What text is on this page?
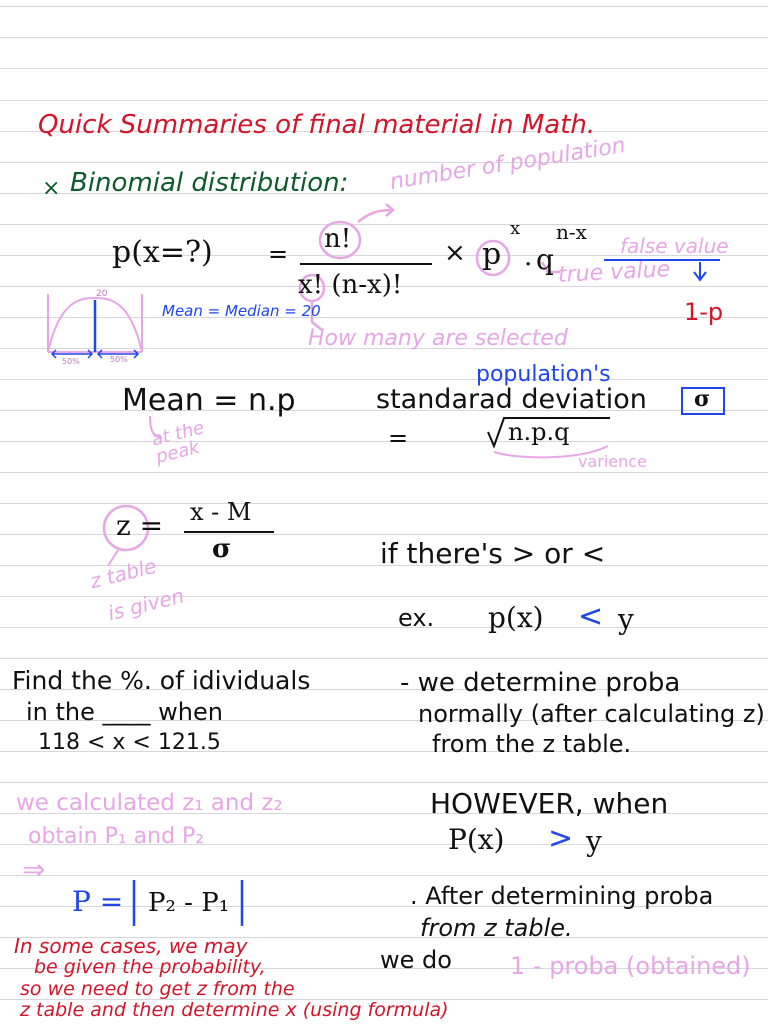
Quick Summaries of final material in Math.

× Binomial distribution:

p(x=?) = n!

x! (n-x)!

× p

x

. q

n-x

number of population

true value

false value

How many are selected

1-p

20

50%	50%

Mean = Median = 20

Mean = n.p

at the peak

population's

standarad deviation σ

=	n.p.q

varience

z = x - M

σ

z table

is given

if there's > or <

ex. p(x) < y

Find the %. of idividuals

in the ____ when

118 < x < 121.5

- we determine proba

normally (after calculating z)

from the z table.

we calculated z₁ and z₂

obtain P₁ and P₂

⇒

P = P₂ - P₁

HOWEVER, when

P(x) > y

. After determining proba

from z table.

we do 1 - proba (obtained)

In some cases, we may

be given the probability,

so we need to get z from the

z table and then determine x (using formula)
